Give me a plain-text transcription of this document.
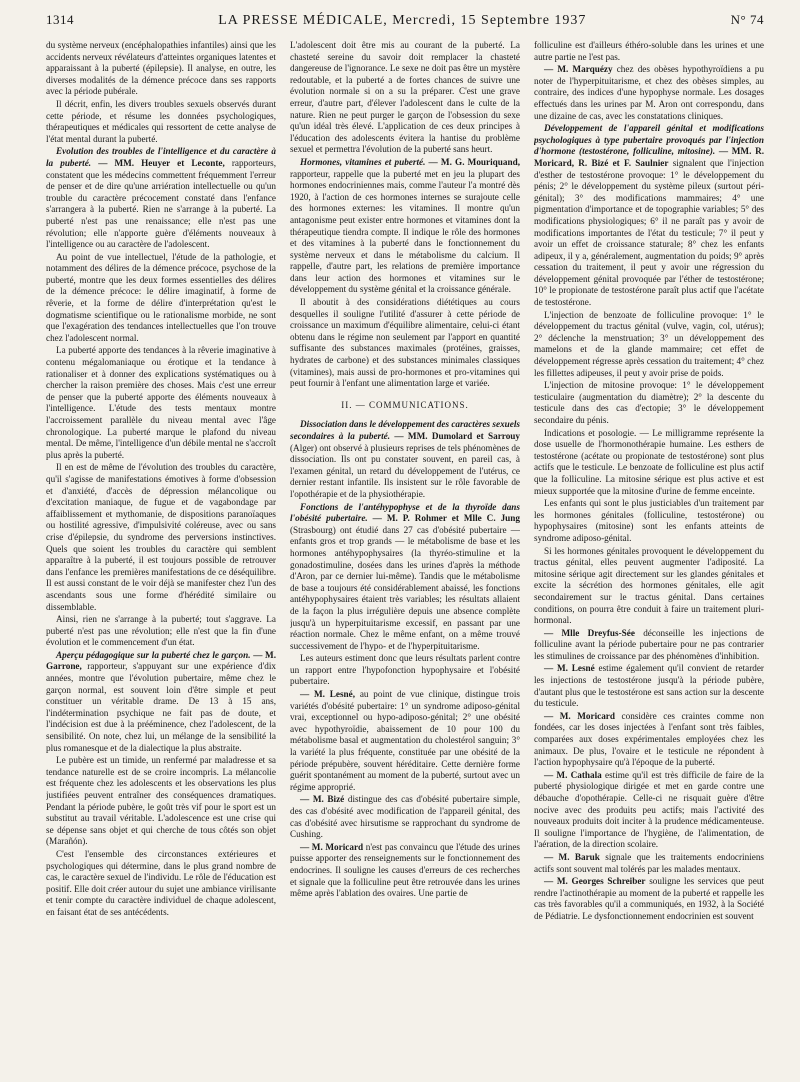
1314	LA PRESSE MÉDICALE, Mercredi, 15 Septembre 1937	N° 74

du système nerveux (encéphalopathies infantiles) ainsi que les accidents nerveux révélateurs d'atteintes organiques latentes et apparaissant à la puberté (épilepsie). Il analyse, en outre, les diverses modalités de la démence précoce dans ses rapports avec la période pubérale.

Il décrit, enfin, les divers troubles sexuels observés durant cette période, et résume les données psychologiques, thérapeutiques et médicales qui ressortent de cette analyse de l'état mental durant la puberté.

Evolution des troubles de l'intelligence et du caractère à la puberté. — MM. Heuyer et Leconte, rapporteurs, constatent que les médecins commettent fréquemment l'erreur de penser et de dire qu'une arriération intellectuelle ou qu'un trouble du caractère précocement constaté dans l'enfance s'arrangera à la puberté. Rien ne s'arrange à la puberté. La puberté n'est pas une renaissance; elle n'est pas une révolution; elle n'apporte guère d'éléments nouveaux à l'intelligence ou au caractère de l'adolescent.

Au point de vue intellectuel, l'étude de la pathologie, et notamment des délires de la démence précoce, psychose de la puberté, montre que les deux formes essentielles des délires de la démence précoce: le délire imaginatif, à forme de rêverie, et la forme de délire d'interprétation qu'est le dogmatisme scientifique ou le rationalisme morbide, ne sont que l'exagération des tendances intellectuelles que l'on trouve chez l'adolescent normal.

La puberté apporte des tendances à la rêverie imaginative à contenu mégalomaniaque ou érotique et la tendance à rationaliser et à donner des explications systématiques ou à chercher la raison première des choses. Mais c'est une erreur de penser que la puberté apporte des éléments nouveaux à l'intelligence. L'étude des tests mentaux montre l'accroissement parallèle du niveau mental avec l'âge chronologique. La puberté marque le plafond du niveau mental. De même, l'intelligence d'un débile mental ne s'accroît plus après la puberté.

Il en est de même de l'évolution des troubles du caractère, qu'il s'agisse de manifestations émotives à forme d'obsession et d'anxiété, d'accès de dépression mélancolique ou d'excitation maniaque, de fugue et de vagabondage par affaiblissement et mythomanie, de dispositions paranoïaques ou hostilité agressive, d'impulsivité coléreuse, avec ou sans crise d'épilepsie, du syndrome des perversions instinctives. Quels que soient les troubles du caractère qui semblent apparaître à la puberté, il est toujours possible de retrouver dans l'enfance les premières manifestations de ce déséquilibre. Il est aussi constant de le voir déjà se manifester chez l'un des ascendants sous une forme d'hérédité similaire ou dissemblable.

Ainsi, rien ne s'arrange à la puberté; tout s'aggrave. La puberté n'est pas une révolution; elle n'est que la fin d'une évolution et le commencement d'un état.

Aperçu pédagogique sur la puberté chez le garçon. — M. Garrone, rapporteur, s'appuyant sur une expérience d'dix années, montre que l'évolution pubertaire, même chez le garçon normal, est souvent loin d'être simple et peut constituer un véritable drame. De 13 à 15 ans, l'indétermination psychique ne fait pas de doute, et l'indécision est due à la prééminence, chez l'adolescent, de la sensibilité. On note, chez lui, un mélange de la sensibilité la plus romanesque et de la dialectique la plus abstraite.

Le pubère est un timide, un renfermé par maladresse et sa tendance naturelle est de se croire incompris. La mélancolie est fréquente chez les adolescents et les observations les plus justifiées peuvent entraîner des conséquences dramatiques. Pendant la période pubère, le goût très vif pour le sport est un substitut au travail véritable. L'adolescence est une crise qui se dépense sans objet et qui cherche de tous côtés son objet (Marañón).

C'est l'ensemble des circonstances extérieures et psychologiques qui détermine, dans le plus grand nombre de cas, le caractère sexuel de l'individu. Le rôle de l'éducation est positif. Elle doit créer autour du sujet une ambiance virilisante et tenir compte du caractère individuel de chaque adolescent, en faisant état de ses antécédents.

L'adolescent doit être mis au courant de la puberté. La chasteté sereine du savoir doit remplacer la chasteté dangereuse de l'ignorance. Le sexe ne doit pas être un mystère redoutable, et la puberté a de fortes chances de suivre une évolution normale si on a su la préparer. C'est une grave erreur, d'autre part, d'élever l'adolescent dans le culte de la nature. Rien ne peut purger le garçon de l'obsession du sexe qu'un idéal très élevé. L'application de ces deux principes à l'éducation des adolescents évitera la hantise du problème sexuel et permettra l'évolution de la puberté sans heurt.

Hormones, vitamines et puberté. — M. G. Mouriquand, rapporteur, rappelle que la puberté met en jeu la plupart des hormones endocriniennes mais, comme l'auteur l'a montré dès 1920, à l'action de ces hormones internes se surajoute celle des hormones externes: les vitamines. Il montre qu'un antagonisme peut exister entre hormones et vitamines dont la thérapeutique tiendra compte. Il indique le rôle des hormones et des vitamines à la puberté dans le fonctionnement du système nerveux et dans le métabolisme du calcium. Il rappelle, d'autre part, les relations de première importance dans leur action des hormones et vitamines sur le développement du système génital et la croissance générale.

Il aboutit à des considérations diététiques au cours desquelles il souligne l'utilité d'assurer à cette période de croissance un maximum d'équilibre alimentaire, celui-ci étant obtenu dans le régime non seulement par l'apport en quantité suffisante des substances maximales (protéines, graisses, hydrates de carbone) et des substances minimales classiques (vitamines), mais aussi de pro-hormones et pro-vitamines qui peut fournir à l'enfant une alimentation large et variée.

II. — COMMUNICATIONS.

Dissociation dans le développement des caractères sexuels secondaires à la puberté. — MM. Dumolard et Sarrouy (Alger) ont observé à plusieurs reprises de tels phénomènes de dissociation. Ils ont pu constater souvent, en pareil cas, à l'examen génital, un retard du développement de l'utérus, ce dernier restant infantile. Ils insistent sur le rôle favorable de l'opothérapie et de la physiothérapie.

Fonctions de l'antéhypophyse et de la thyroïde dans l'obésité pubertaire. — M. P. Rohmer et Mlle C. Jung (Strasbourg) ont étudié dans 27 cas d'obésité pubertaire — enfants gros et trop grands — le métabolisme de base et les hormones antéhypophysaires (la thyréo-stimuline et la gonadostimuline, dosées dans les urines d'après la méthode d'Aron, par ce dernier lui-même). Tandis que le métabolisme de base a toujours été considérablement abaissé, les fonctions antéhypophysaires étaient très variables; les résultats allaient de la façon la plus irrégulière depuis une absence complète jusqu'à un hyperpituitarisme excessif, en passant par une réaction normale. Chez le même enfant, on a même trouvé successivement de l'hypo- et de l'hyperpituitarisme.

Les auteurs estiment donc que leurs résultats parlent contre un rapport entre l'hypofonction hypophysaire et l'obésité pubertaire.

— M. Lesné, au point de vue clinique, distingue trois variétés d'obésité pubertaire: 1° un syndrome adiposo-génital vrai, exceptionnel ou hypo-adiposo-génital; 2° une obésité avec hypothyroïdie, abaissement de 10 pour 100 du métabolisme basal et augmentation du cholestérol sanguin; 3° la variété la plus fréquente, constituée par une obésité de la période prépubère, souvent héréditaire. Cette dernière forme guérit spontanément au moment de la puberté, surtout avec un régime approprié.

— M. Bizé distingue des cas d'obésité pubertaire simple, des cas d'obésité avec modification de l'appareil génital, des cas d'obésité avec hirsutisme se rapprochant du syndrome de Cushing.

— M. Moricard n'est pas convaincu que l'étude des urines puisse apporter des renseignements sur le fonctionnement des endocrines. Il souligne les causes d'erreurs de ces recherches et signale que la folliculine peut être retrouvée dans les urines même après l'ablation des ovaires. Une partie de

folliculine est d'ailleurs éthéro-soluble dans les urines et une autre partie ne l'est pas.

— M. Marquézy chez des obèses hypothyroïdiens a pu noter de l'hyperpituitarisme, et chez des obèses simples, au contraire, des indices d'une hypophyse normale. Les dosages effectués dans les urines par M. Aron ont correspondu, dans une dizaine de cas, avec les constatations cliniques.

Développement de l'appareil génital et modifications psychologiques à type pubertaire provoqués par l'injection d'hormone (testostérone, folliculine, mitosine). — MM. R. Moricard, R. Bizé et F. Saulnier signalent que l'injection d'esther de testostérone provoque: 1° le développement du pénis; 2° le développement du système pileux (surtout péri-génital); 3° des modifications mammaires; 4° une pigmentation d'importance et de topographie variables; 5° des modifications physiologiques; 6° il ne paraît pas y avoir de modifications importantes de l'état du testicule; 7° il peut y avoir un effet de croissance staturale; 8° chez les enfants adipeux, il y a, généralement, augmentation du poids; 9° après cessation du traitement, il peut y avoir une régression du développement génital provoquée par l'éther de testostérone; 10° le propionate de testostérone paraît plus actif que l'acétate de testostérone.

L'injection de benzoate de folliculine provoque: 1° le développement du tractus génital (vulve, vagin, col, utérus); 2° déclenche la menstruation; 3° un développement des mamelons et de la glande mammaire; cet effet de développement régresse après cessation du traitement; 4° chez les fillettes adipeuses, il peut y avoir prise de poids.

L'injection de mitosine provoque: 1° le développement testiculaire (augmentation du diamètre); 2° la descente du testicule dans des cas d'ectopie; 3° le développement secondaire du pénis.

Indications et posologie. — Le milligramme représente la dose usuelle de l'hormonothérapie humaine. Les esthers de testostérone (acétate ou propionate de testostérone) sont plus actifs que le testicule. Le benzoate de folliculine est plus actif que la folliculine. La mitosine sérique est plus active et est mieux supportée que la mitosine d'urine de femme enceinte.

Les enfants qui sont le plus justiciables d'un traitement par les hormones génitales (folliculine, testostérone) ou hypophysaires (mitosine) sont les enfants atteints de syndrome adiposo-génital.

Si les hormones génitales provoquent le développement du tractus génital, elles peuvent augmenter l'adiposité. La mitosine sérique agit directement sur les glandes génitales et excite la sécrétion des hormones génitales, elle agit secondairement sur le tractus génital. Dans certaines conditions, on pourra être conduit à faire un traitement pluri-hormonal.

— Mlle Dreyfus-Sée déconseille les injections de folliculine avant la période pubertaire pour ne pas contrarier les stimulines de croissance par des phénomènes d'inhibition.

— M. Lesné estime également qu'il convient de retarder les injections de testostérone jusqu'à la période pubère, d'autant plus que le testostérone est sans action sur la descente du testicule.

— M. Moricard considère ces craintes comme non fondées, car les doses injectées à l'enfant sont très faibles, comparées aux doses expérimentales employées chez les animaux. De plus, l'ovaire et le testicule ne répondent à l'action hypophysaire qu'à l'époque de la puberté.

— M. Cathala estime qu'il est très difficile de faire de la puberté physiologique dirigée et met en garde contre une débauche d'opothérapie. Celle-ci ne risquait guère d'être nocive avec des produits peu actifs; mais l'activité des nouveaux produits doit inciter à la prudence médicamenteuse. Il souligne l'importance de l'hygiène, de l'alimentation, de l'aération, de la direction scolaire.

— M. Baruk signale que les traitements endocriniens actifs sont souvent mal tolérés par les malades mentaux.

— M. Georges Schreiber souligne les services que peut rendre l'actinothérapie au moment de la puberté et rappelle les cas très favorables qu'il a communiqués, en 1932, à la Société de Pédiatrie. Le dysfonctionnement endocrinien est souvent
